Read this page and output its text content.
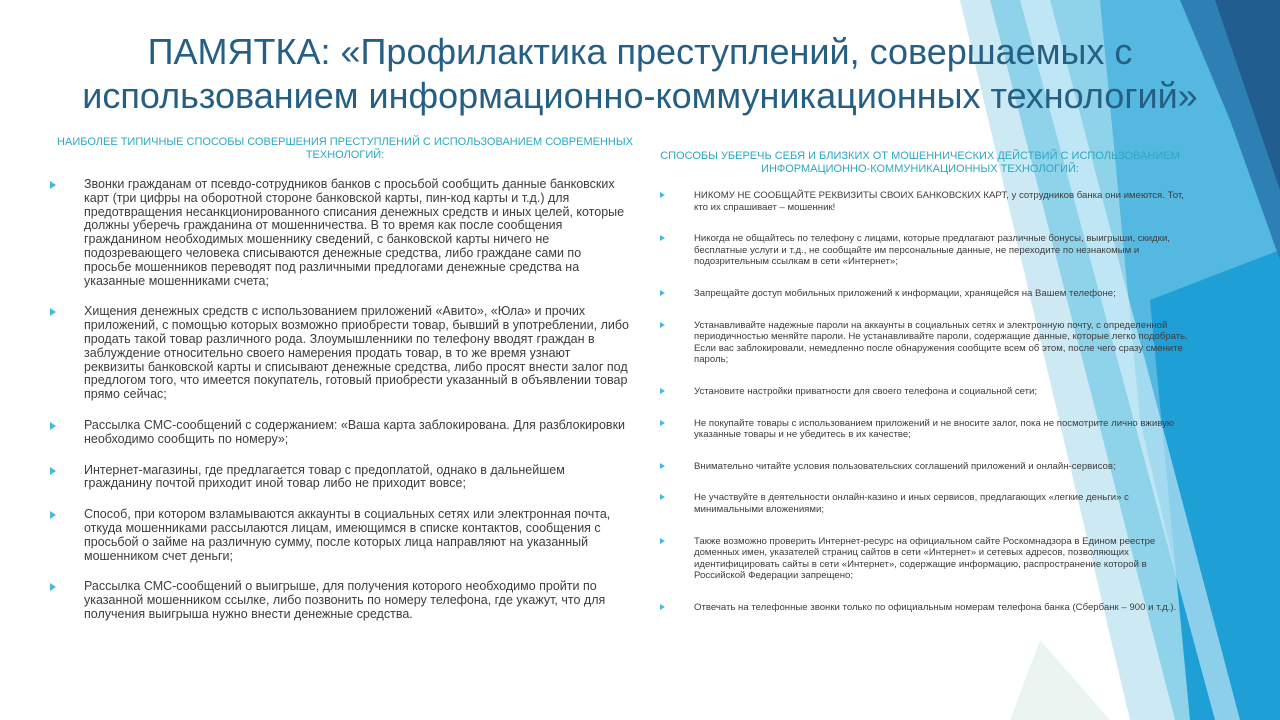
ПАМЯТКА: «Профилактика преступлений, совершаемых с использованием информационно-коммуникационных технологий»
НАИБОЛЕЕ ТИПИЧНЫЕ СПОСОБЫ СОВЕРШЕНИЯ ПРЕСТУПЛЕНИЙ С ИСПОЛЬЗОВАНИЕМ СОВРЕМЕННЫХ ТЕХНОЛОГИЙ:
Звонки гражданам от псевдо-сотрудников банков с просьбой сообщить данные банковских карт (три цифры на оборотной стороне банковской карты, пин-код карты и т.д.) для предотвращения несанкционированного списания денежных средств и иных целей, которые должны уберечь гражданина от мошенничества. В то время как после сообщения гражданином необходимых мошеннику сведений, с банковской карты ничего не подозревающего человека списываются денежные средства, либо граждане сами по просьбе мошенников переводят под различными предлогами денежные средства на указанные мошенниками счета;
Хищения денежных средств с использованием приложений «Авито», «Юла» и прочих приложений, с помощью которых возможно приобрести товар, бывший в употреблении, либо продать такой товар различного рода. Злоумышленники по телефону вводят граждан в заблуждение относительно своего намерения продать товар, в то же время узнают реквизиты банковской карты и списывают денежные средства, либо просят внести залог под предлогом того, что имеется покупатель, готовый приобрести указанный в объявлении товар прямо сейчас;
Рассылка СМС-сообщений с содержанием: «Ваша карта заблокирована. Для разблокировки необходимо сообщить по номеру»;
Интернет-магазины, где предлагается товар с предоплатой, однако в дальнейшем гражданину почтой приходит иной товар либо не приходит вовсе;
Способ, при котором взламываются аккаунты в социальных сетях или электронная почта, откуда мошенниками рассылаются лицам, имеющимся в списке контактов, сообщения с просьбой о займе на различную сумму, после которых лица направляют на указанный мошенником счет деньги;
Рассылка СМС-сообщений о выигрыше, для получения которого необходимо пройти по указанной мошенником ссылке, либо позвонить по номеру телефона, где укажут, что для получения выигрыша нужно внести денежные средства.
СПОСОБЫ УБЕРЕЧЬ СЕБЯ И БЛИЗКИХ ОТ МОШЕННИЧЕСКИХ ДЕЙСТВИЙ С ИСПОЛЬЗОВАНИЕМ ИНФОРМАЦИОННО-КОММУНИКАЦИОННЫХ ТЕХНОЛОГИЙ:
НИКОМУ НЕ СООБЩАЙТЕ РЕКВИЗИТЫ СВОИХ БАНКОВСКИХ КАРТ, у сотрудников банка они имеются. Тот, кто их спрашивает – мошенник!
Никогда не общайтесь по телефону с лицами, которые предлагают различные бонусы, выигрыши, скидки, бесплатные услуги и т.д., не сообщайте им персональные данные, не переходите по незнакомым и подозрительным ссылкам в сети «Интернет»;
Запрещайте доступ мобильных приложений к информации, хранящейся на Вашем телефоне;
Устанавливайте надежные пароли на аккаунты в социальных сетях и электронную почту, с определенной периодичностью меняйте пароли. Не устанавливайте пароли, содержащие данные, которые легко подобрать. Если вас заблокировали, немедленно после обнаружения сообщите всем об этом, после чего сразу смените пароль;
Установите настройки приватности для своего телефона и социальной сети;
Не покупайте товары с использованием приложений и не вносите залог, пока не посмотрите лично вживую указанные товары и не убедитесь в их качестве;
Внимательно читайте условия пользовательских соглашений приложений и онлайн-сервисов;
Не участвуйте в деятельности онлайн-казино и иных сервисов, предлагающих «легкие деньги» с минимальными вложениями;
Также возможно проверить Интернет-ресурс на официальном сайте Роскомнадзора в Едином реестре доменных имен, указателей страниц сайтов в сети «Интернет» и сетевых адресов, позволяющих идентифицировать сайты в сети «Интернет», содержащие информацию, распространение которой в Российской Федерации запрещено;
Отвечать на телефонные звонки только по официальным номерам телефона банка (Сбербанк – 900 и т.д.).
